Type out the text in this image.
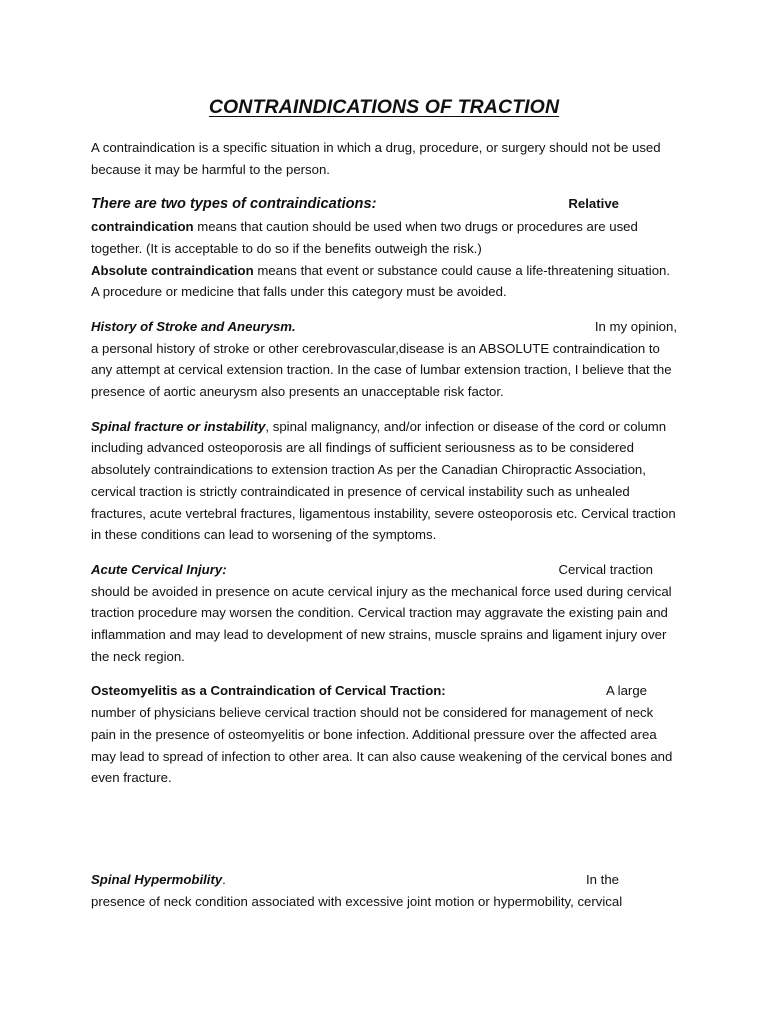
CONTRAINDICATIONS OF TRACTION

A contraindication is a specific situation in which a drug, procedure, or surgery should not be used because it may be harmful to the person.

There are two types of contraindications:	Relative

contraindication means that caution should be used when two drugs or procedures are used together. (It is acceptable to do so if the benefits outweigh the risk.)

Absolute contraindication means that event or substance could cause a life-threatening situation. A procedure or medicine that falls under this category must be avoided.

History of Stroke and Aneurysm.	In my opinion,

a personal history of stroke or other cerebrovascular,disease is an ABSOLUTE contraindication to any attempt at cervical extension traction. In the case of lumbar extension traction, I believe that the presence of aortic aneurysm also presents an unacceptable risk factor.

Spinal fracture or instability, spinal malignancy, and/or infection or disease of the cord or column including advanced osteoporosis are all findings of sufficient seriousness as to be considered absolutely contraindications to extension traction As per the Canadian Chiropractic Association, cervical traction is strictly contraindicated in presence of cervical instability such as unhealed fractures, acute vertebral fractures, ligamentous instability, severe osteoporosis etc. Cervical traction in these conditions can lead to worsening of the symptoms.

Acute Cervical Injury:	Cervical traction

should be avoided in presence on acute cervical injury as the mechanical force used during cervical traction procedure may worsen the condition. Cervical traction may aggravate the existing pain and inflammation and may lead to development of new strains, muscle sprains and ligament injury over the neck region.

Osteomyelitis as a Contraindication of Cervical Traction:	A large

number of physicians believe cervical traction should not be considered for management of neck pain in the presence of osteomyelitis or bone infection. Additional pressure over the affected area may lead to spread of infection to other area. It can also cause weakening of the cervical bones and even fracture.

Spinal Hypermobility.	In the

presence of neck condition associated with excessive joint motion or hypermobility, cervical
